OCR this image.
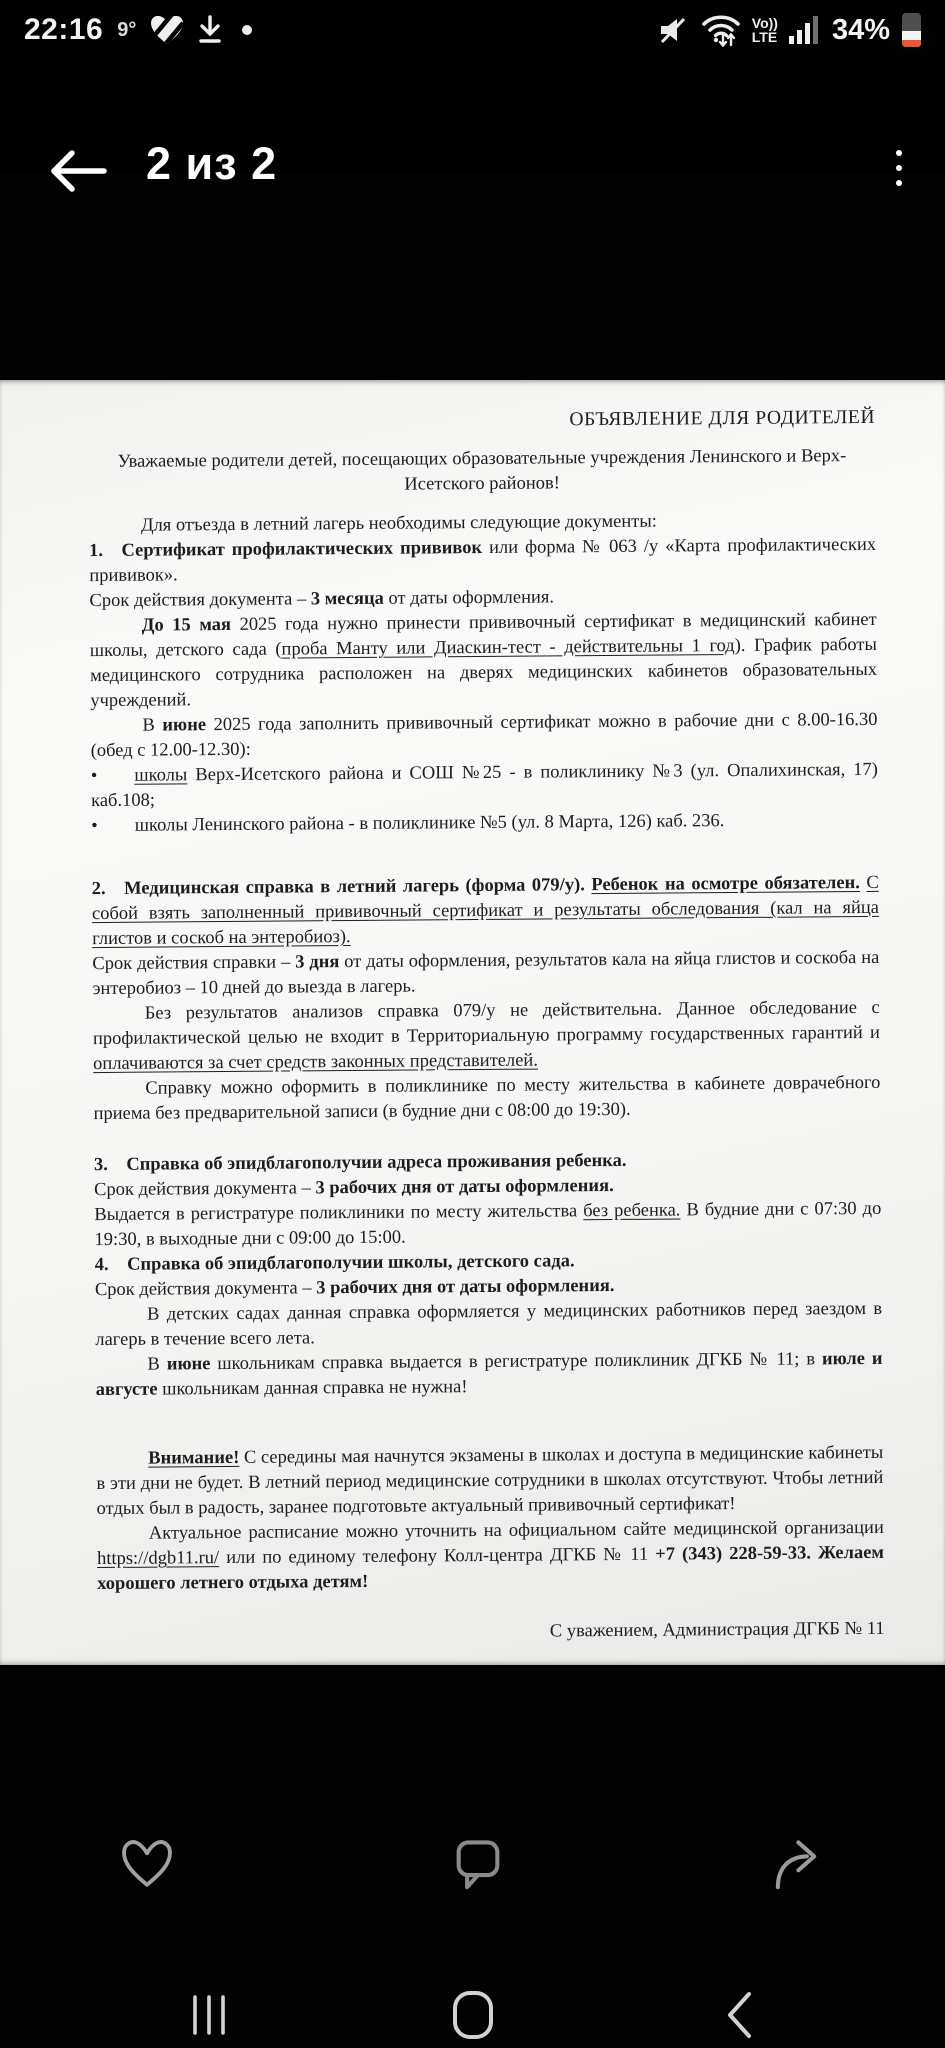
22:16 9°	Vo))
LTE 34%
2 из 2

ОБЪЯВЛЕНИЕ ДЛЯ РОДИТЕЛЕЙ

Уважаемые родители детей, посещающих образовательные учреждения Ленинского и Верх-Исетского районов!

Для отъезда в летний лагерь необходимы следующие документы:

1. Сертификат профилактических прививок или форма № 063 /у «Карта профилактических прививок».

Срок действия документа – 3 месяца от даты оформления.

До 15 мая 2025 года нужно принести прививочный сертификат в медицинский кабинет школы, детского сада (проба Манту или Диаскин-тест - действительны 1 год). График работы медицинского сотрудника расположен на дверях медицинских кабинетов образовательных учреждений.

В июне 2025 года заполнить прививочный сертификат можно в рабочие дни с 8.00-16.30 (обед с 12.00-12.30):

•  школы Верх-Исетского района и СОШ №25 - в поликлинику №3 (ул. Опалихинская, 17) каб.108;

•  школы Ленинского района - в поликлинике №5 (ул. 8 Марта, 126) каб. 236.

2. Медицинская справка в летний лагерь (форма 079/у). Ребенок на осмотре обязателен. С собой взять заполненный прививочный сертификат и результаты обследования (кал на яйца глистов и соскоб на энтеробиоз).

Срок действия справки – 3 дня от даты оформления, результатов кала на яйца глистов и соскоба на энтеробиоз – 10 дней до выезда в лагерь.

Без результатов анализов справка 079/у не действительна. Данное обследование с профилактической целью не входит в Территориальную программу государственных гарантий и оплачиваются за счет средств законных представителей.

Справку можно оформить в поликлинике по месту жительства в кабинете доврачебного приема без предварительной записи (в будние дни с 08:00 до 19:30).

3. Справка об эпидблагополучии адреса проживания ребенка.

Срок действия документа – 3 рабочих дня от даты оформления.

Выдается в регистратуре поликлиники по месту жительства без ребенка. В будние дни с 07:30 до 19:30, в выходные дни с 09:00 до 15:00.

4. Справка об эпидблагополучии школы, детского сада.

Срок действия документа – 3 рабочих дня от даты оформления.

В детских садах данная справка оформляется у медицинских работников перед заездом в лагерь в течение всего лета.

В июне школьникам справка выдается в регистратуре поликлиник ДГКБ № 11; в июле и августе школьникам данная справка не нужна!

Внимание! С середины мая начнутся экзамены в школах и доступа в медицинские кабинеты в эти дни не будет. В летний период медицинские сотрудники в школах отсутствуют. Чтобы летний отдых был в радость, заранее подготовьте актуальный прививочный сертификат!

Актуальное расписание можно уточнить на официальном сайте медицинской организации https://dgb11.ru/ или по единому телефону Колл-центра ДГКБ № 11 +7 (343) 228-59-33. Желаем хорошего летнего отдыха детям!

С уважением, Администрация ДГКБ № 11
